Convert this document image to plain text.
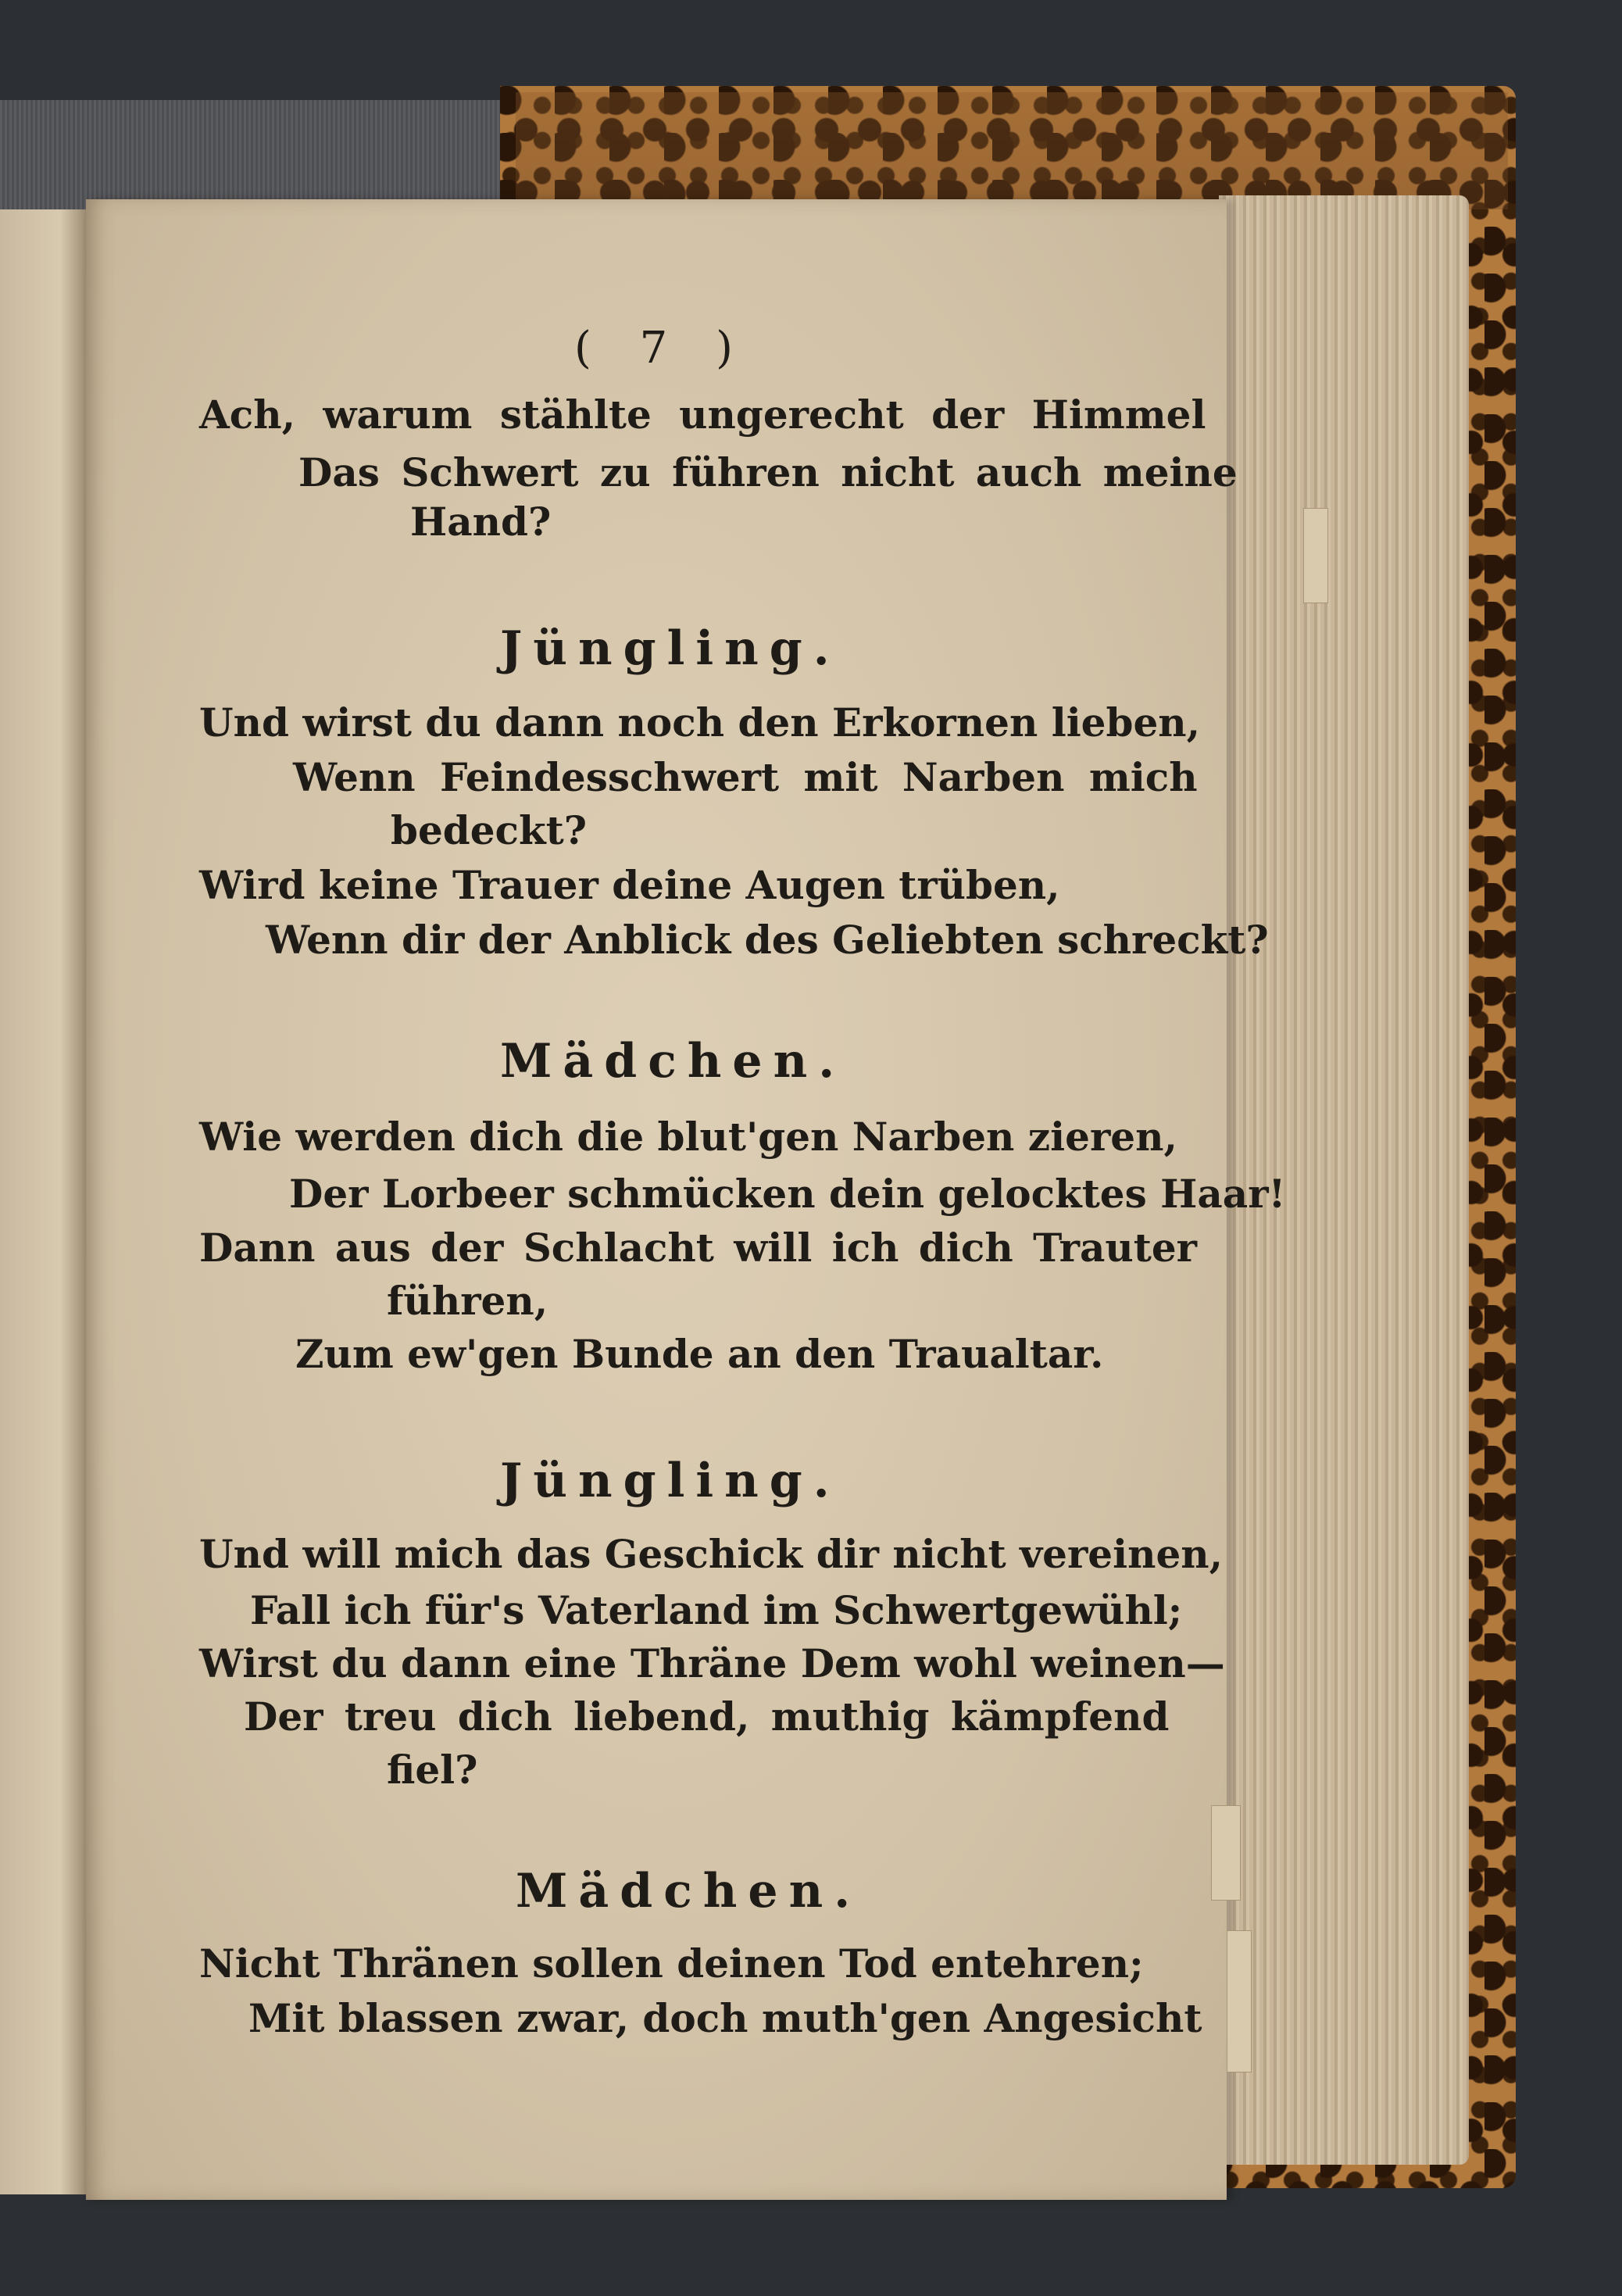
( 7 )
Ach, warum stählte ungerecht der Himmel
Das Schwert zu führen nicht auch meine
Hand?
Jüngling.
Und wirst du dann noch den Erkornen lieben,
Wenn Feindesschwert mit Narben mich
bedeckt?
Wird keine Trauer deine Augen trüben,
Wenn dir der Anblick des Geliebten schreckt?
Mädchen.
Wie werden dich die blut'gen Narben zieren,
Der Lorbeer schmücken dein gelocktes Haar!
Dann aus der Schlacht will ich dich Trauter
führen,
Zum ew'gen Bunde an den Traualtar.
Jüngling.
Und will mich das Geschick dir nicht vereinen,
Fall ich für's Vaterland im Schwertgewühl;
Wirst du dann eine Thräne Dem wohl weinen—
Der treu dich liebend, muthig kämpfend
fiel?
Mädchen.
Nicht Thränen sollen deinen Tod entehren;
Mit blassen zwar, doch muth'gen Angesicht
